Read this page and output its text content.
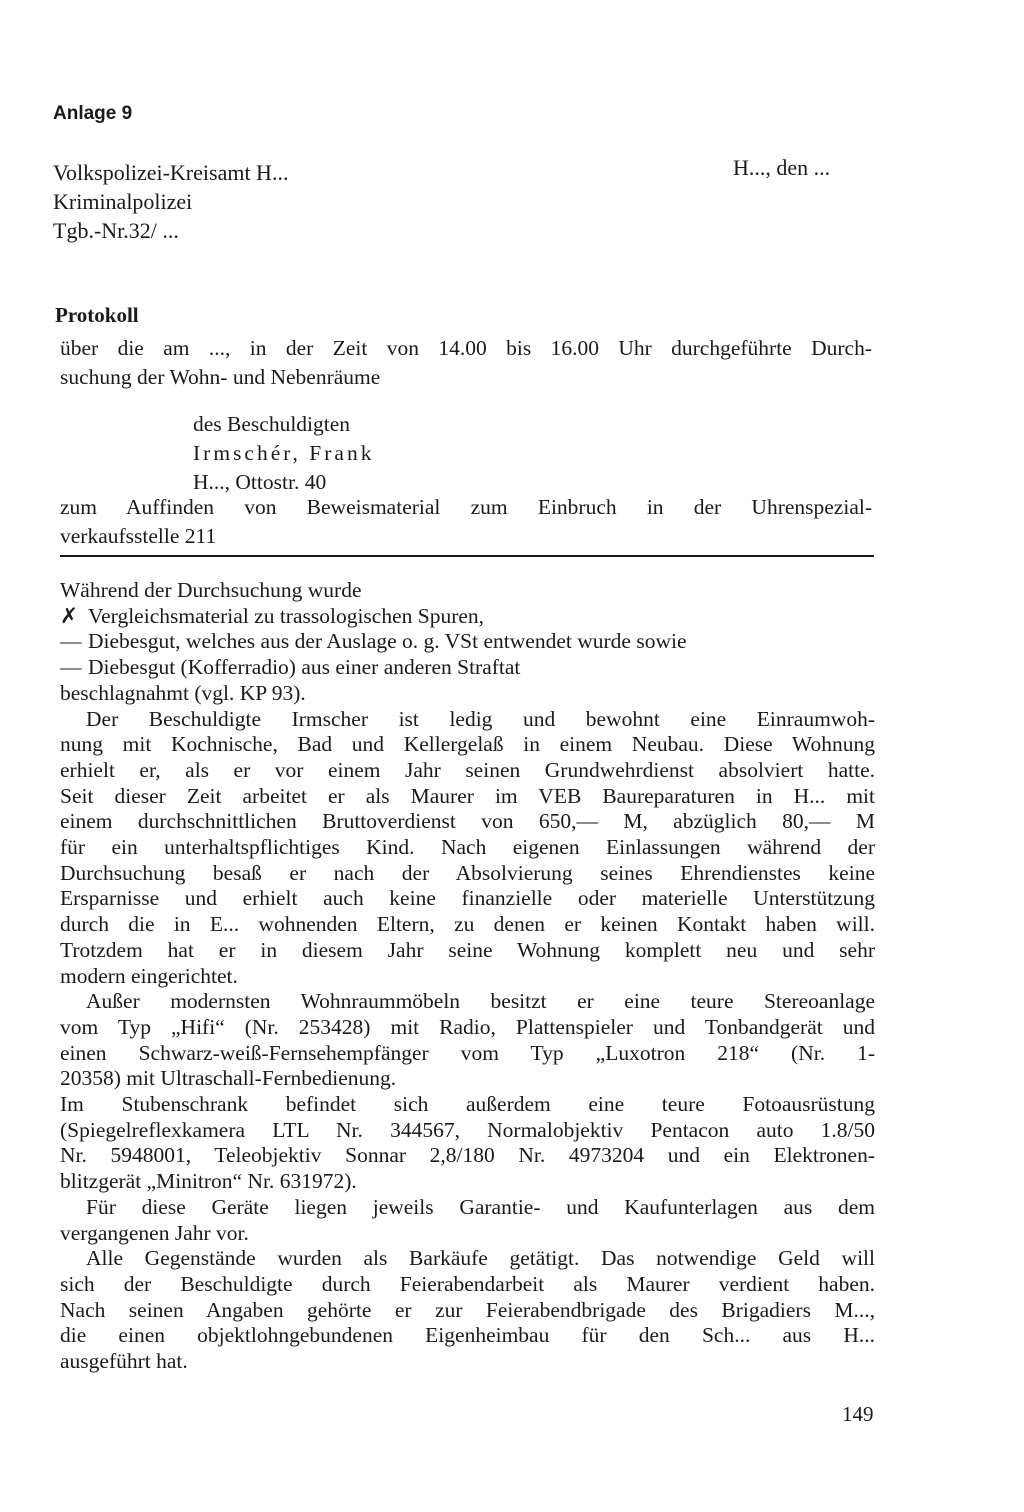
Anlage 9
Volkspolizei-Kreisamt H...
Kriminalpolizei
Tgb.-Nr.32/ ...
H..., den ...
Protokoll
über die am ..., in der Zeit von 14.00 bis 16.00 Uhr durchgeführte Durch-
suchung der Wohn- und Nebenräume
des Beschuldigten
Irmschér, Frank
H..., Ottostr. 40
zum Auffinden von Beweismaterial zum Einbruch in der Uhrenspezial-
verkaufsstelle 211
Während der Durchsuchung wurde
✗ Vergleichsmaterial zu trassologischen Spuren,
— Diebesgut, welches aus der Auslage o. g. VSt entwendet wurde sowie
— Diebesgut (Kofferradio) aus einer anderen Straftat
beschlagnahmt (vgl. KP 93).
Der Beschuldigte Irmscher ist ledig und bewohnt eine Einraumwoh-
nung mit Kochnische, Bad und Kellergelaß in einem Neubau. Diese Wohnung
erhielt er, als er vor einem Jahr seinen Grundwehrdienst absolviert hatte.
Seit dieser Zeit arbeitet er als Maurer im VEB Baureparaturen in H... mit
einem durchschnittlichen Bruttoverdienst von 650,— M, abzüglich 80,— M
für ein unterhaltspflichtiges Kind. Nach eigenen Einlassungen während der
Durchsuchung besaß er nach der Absolvierung seines Ehrendienstes keine
Ersparnisse und erhielt auch keine finanzielle oder materielle Unterstützung
durch die in E... wohnenden Eltern, zu denen er keinen Kontakt haben will.
Trotzdem hat er in diesem Jahr seine Wohnung komplett neu und sehr
modern eingerichtet.
Außer modernsten Wohnraummöbeln besitzt er eine teure Stereoanlage
vom Typ „Hifi“ (Nr. 253428) mit Radio, Plattenspieler und Tonbandgerät und
einen Schwarz-weiß-Fernsehempfänger vom Typ „Luxotron 218“ (Nr. 1-
20358) mit Ultraschall-Fernbedienung.
Im Stubenschrank befindet sich außerdem eine teure Fotoausrüstung
(Spiegelreflexkamera LTL Nr. 344567, Normalobjektiv Pentacon auto 1.8/50
Nr. 5948001, Teleobjektiv Sonnar 2,8/180 Nr. 4973204 und ein Elektronen-
blitzgerät „Minitron“ Nr. 631972).
Für diese Geräte liegen jeweils Garantie- und Kaufunterlagen aus dem
vergangenen Jahr vor.
Alle Gegenstände wurden als Barkäufe getätigt. Das notwendige Geld will
sich der Beschuldigte durch Feierabendarbeit als Maurer verdient haben.
Nach seinen Angaben gehörte er zur Feierabendbrigade des Brigadiers M...,
die einen objektlohngebundenen Eigenheimbau für den Sch... aus H...
ausgeführt hat.
149
